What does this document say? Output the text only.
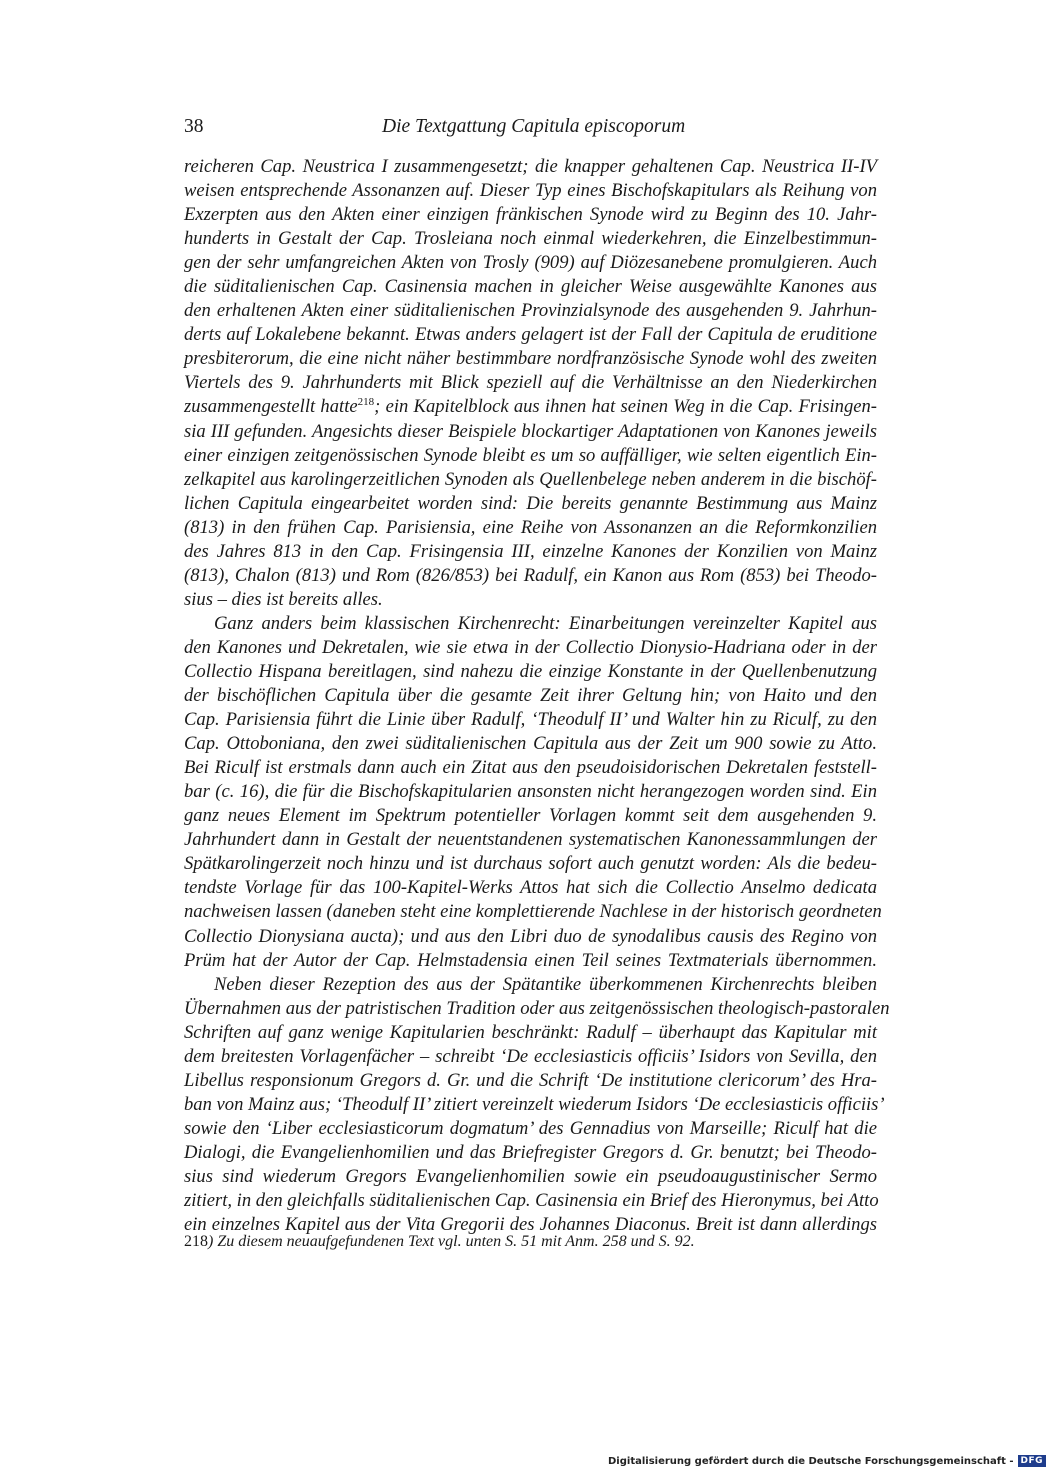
38	Die Textgattung Capitula episcoporum
reicheren Cap. Neustrica I zusammengesetzt; die knapper gehaltenen Cap. Neustrica II-IV
weisen entsprechende Assonanzen auf. Dieser Typ eines Bischofskapitulars als Reihung von
Exzerpten aus den Akten einer einzigen fränkischen Synode wird zu Beginn des 10. Jahr-
hunderts in Gestalt der Cap. Trosleiana noch einmal wiederkehren, die Einzelbestimmun-
gen der sehr umfangreichen Akten von Trosly (909) auf Diözesanebene promulgieren. Auch
die süditalienischen Cap. Casinensia machen in gleicher Weise ausgewählte Kanones aus
den erhaltenen Akten einer süditalienischen Provinzialsynode des ausgehenden 9. Jahrhun-
derts auf Lokalebene bekannt. Etwas anders gelagert ist der Fall der Capitula de eruditione
presbiterorum, die eine nicht näher bestimmbare nordfranzösische Synode wohl des zweiten
Viertels des 9. Jahrhunderts mit Blick speziell auf die Verhältnisse an den Niederkirchen
zusammengestellt hatte$^{218}$; ein Kapitelblock aus ihnen hat seinen Weg in die Cap. Frisingen-
sia III gefunden. Angesichts dieser Beispiele blockartiger Adaptationen von Kanones jeweils
einer einzigen zeitgenössischen Synode bleibt es um so auffälliger, wie selten eigentlich Ein-
zelkapitel aus karolingerzeitlichen Synoden als Quellenbelege neben anderem in die bischöf-
lichen Capitula eingearbeitet worden sind: Die bereits genannte Bestimmung aus Mainz
(813) in den frühen Cap. Parisiensia, eine Reihe von Assonanzen an die Reformkonzilien
des Jahres 813 in den Cap. Frisingensia III, einzelne Kanones der Konzilien von Mainz
(813), Chalon (813) und Rom (826/853) bei Radulf, ein Kanon aus Rom (853) bei Theodo-
sius – dies ist bereits alles.
Ganz anders beim klassischen Kirchenrecht: Einarbeitungen vereinzelter Kapitel aus
den Kanones und Dekretalen, wie sie etwa in der Collectio Dionysio-Hadriana oder in der
Collectio Hispana bereitlagen, sind nahezu die einzige Konstante in der Quellenbenutzung
der bischöflichen Capitula über die gesamte Zeit ihrer Geltung hin; von Haito und den
Cap. Parisiensia führt die Linie über Radulf, ‘Theodulf II’ und Walter hin zu Riculf, zu den
Cap. Ottoboniana, den zwei süditalienischen Capitula aus der Zeit um 900 sowie zu Atto.
Bei Riculf ist erstmals dann auch ein Zitat aus den pseudoisidorischen Dekretalen feststell-
bar (c. 16), die für die Bischofskapitularien ansonsten nicht herangezogen worden sind. Ein
ganz neues Element im Spektrum potentieller Vorlagen kommt seit dem ausgehenden 9.
Jahrhundert dann in Gestalt der neuentstandenen systematischen Kanonessammlungen der
Spätkarolingerzeit noch hinzu und ist durchaus sofort auch genutzt worden: Als die bedeu-
tendste Vorlage für das 100-Kapitel-Werks Attos hat sich die Collectio Anselmo dedicata
nachweisen lassen (daneben steht eine komplettierende Nachlese in der historisch geordneten
Collectio Dionysiana aucta); und aus den Libri duo de synodalibus causis des Regino von
Prüm hat der Autor der Cap. Helmstadensia einen Teil seines Textmaterials übernommen.
Neben dieser Rezeption des aus der Spätantike überkommenen Kirchenrechts bleiben
Übernahmen aus der patristischen Tradition oder aus zeitgenössischen theologisch-pastoralen
Schriften auf ganz wenige Kapitularien beschränkt: Radulf – überhaupt das Kapitular mit
dem breitesten Vorlagenfächer – schreibt ‘De ecclesiasticis officiis’ Isidors von Sevilla, den
Libellus responsionum Gregors d. Gr. und die Schrift ‘De institutione clericorum’ des Hra-
ban von Mainz aus; ‘Theodulf II’ zitiert vereinzelt wiederum Isidors ‘De ecclesiasticis officiis’
sowie den ‘Liber ecclesiasticorum dogmatum’ des Gennadius von Marseille; Riculf hat die
Dialogi, die Evangelienhomilien und das Briefregister Gregors d. Gr. benutzt; bei Theodo-
sius sind wiederum Gregors Evangelienhomilien sowie ein pseudoaugustinischer Sermo
zitiert, in den gleichfalls süditalienischen Cap. Casinensia ein Brief des Hieronymus, bei Atto
ein einzelnes Kapitel aus der Vita Gregorii des Johannes Diaconus. Breit ist dann allerdings
218) Zu diesem neuaufgefundenen Text vgl. unten S. 51 mit Anm. 258 und S. 92.
Digitalisierung gefördert durch die Deutsche Forschungsgemeinschaft - DFG
